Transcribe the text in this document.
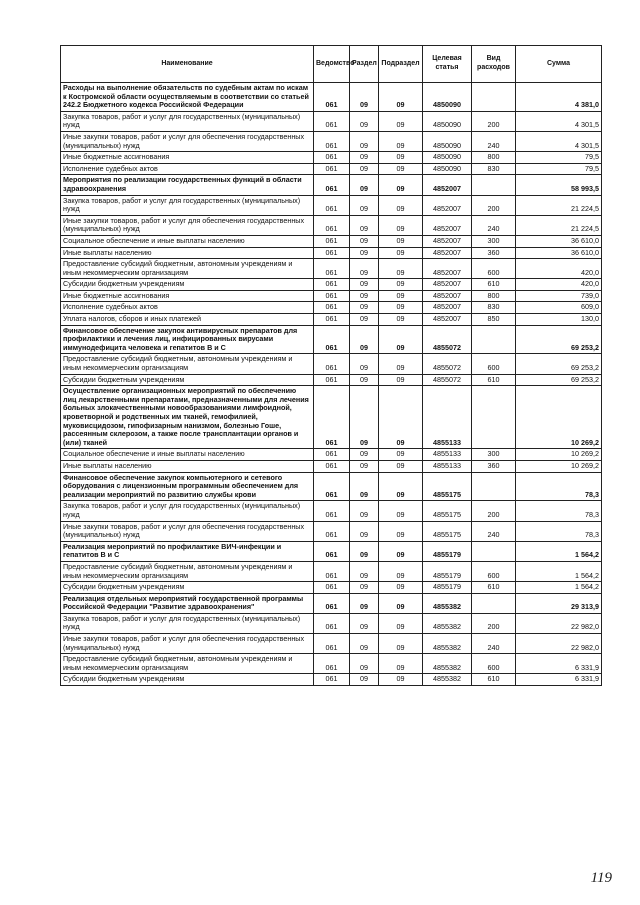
Наименование	Ведомство	Раздел	Подраздел	Целевая статья	Вид расходов	Сумма
Расходы на выполнение обязательств по судебным актам по искам к Костромской области осуществляемым в соответствии со статьей 242.2 Бюджетного кодекса Российской Федерации	061	09	09	4850090		4 381,0
Закупка товаров, работ и услуг для государственных (муниципальных) нужд	061	09	09	4850090	200	4 301,5
Иные закупки товаров, работ и услуг для обеспечения государственных (муниципальных) нужд	061	09	09	4850090	240	4 301,5
Иные бюджетные ассигнования	061	09	09	4850090	800	79,5
Исполнение судебных актов	061	09	09	4850090	830	79,5
Мероприятия по реализации государственных функций в области здравоохранения	061	09	09	4852007		58 993,5
Закупка товаров, работ и услуг для государственных (муниципальных) нужд	061	09	09	4852007	200	21 224,5
Иные закупки товаров, работ и услуг для обеспечения государственных (муниципальных) нужд	061	09	09	4852007	240	21 224,5
Социальное обеспечение и иные выплаты населению	061	09	09	4852007	300	36 610,0
Иные выплаты населению	061	09	09	4852007	360	36 610,0
Предоставление субсидий бюджетным, автономным учреждениям и иным некоммерческим организациям	061	09	09	4852007	600	420,0
Субсидии бюджетным учреждениям	061	09	09	4852007	610	420,0
Иные бюджетные ассигнования	061	09	09	4852007	800	739,0
Исполнение судебных актов	061	09	09	4852007	830	609,0
Уплата налогов, сборов и иных платежей	061	09	09	4852007	850	130,0
Финансовое обеспечение закупок антивирусных препаратов для профилактики и лечения лиц, инфицированных вирусами иммунодефицита человека и гепатитов В и С	061	09	09	4855072		69 253,2
Предоставление субсидий бюджетным, автономным учреждениям и иным некоммерческим организациям	061	09	09	4855072	600	69 253,2
Субсидии бюджетным учреждениям	061	09	09	4855072	610	69 253,2
Осуществление организационных мероприятий по обеспечению лиц лекарственными препаратами, предназначенными для лечения больных злокачественными новообразованиями лимфоидной, кроветворной и родственных им тканей, гемофилией, муковисцидозом, гипофизарным нанизмом, болезнью Гоше, рассеянным склерозом, а также после трансплантации органов и (или) тканей	061	09	09	4855133		10 269,2
Социальное обеспечение и иные выплаты населению	061	09	09	4855133	300	10 269,2
Иные выплаты населению	061	09	09	4855133	360	10 269,2
Финансовое обеспечение закупок компьютерного и сетевого оборудования с лицензионным программным обеспечением для реализации мероприятий по развитию службы крови	061	09	09	4855175		78,3
Закупка товаров, работ и услуг для государственных (муниципальных) нужд	061	09	09	4855175	200	78,3
Иные закупки товаров, работ и услуг для обеспечения государственных (муниципальных) нужд	061	09	09	4855175	240	78,3
Реализация мероприятий по профилактике ВИЧ-инфекции и гепатитов В и С	061	09	09	4855179		1 564,2
Предоставление субсидий бюджетным, автономным учреждениям и иным некоммерческим организациям	061	09	09	4855179	600	1 564,2
Субсидии бюджетным учреждениям	061	09	09	4855179	610	1 564,2
Реализация отдельных мероприятий государственной программы Российской Федерации "Развитие здравоохранения"	061	09	09	4855382		29 313,9
Закупка товаров, работ и услуг для государственных (муниципальных) нужд	061	09	09	4855382	200	22 982,0
Иные закупки товаров, работ и услуг для обеспечения государственных (муниципальных) нужд	061	09	09	4855382	240	22 982,0
Предоставление субсидий бюджетным, автономным учреждениям и иным некоммерческим организациям	061	09	09	4855382	600	6 331,9
Субсидии бюджетным учреждениям	061	09	09	4855382	610	6 331,9
119
